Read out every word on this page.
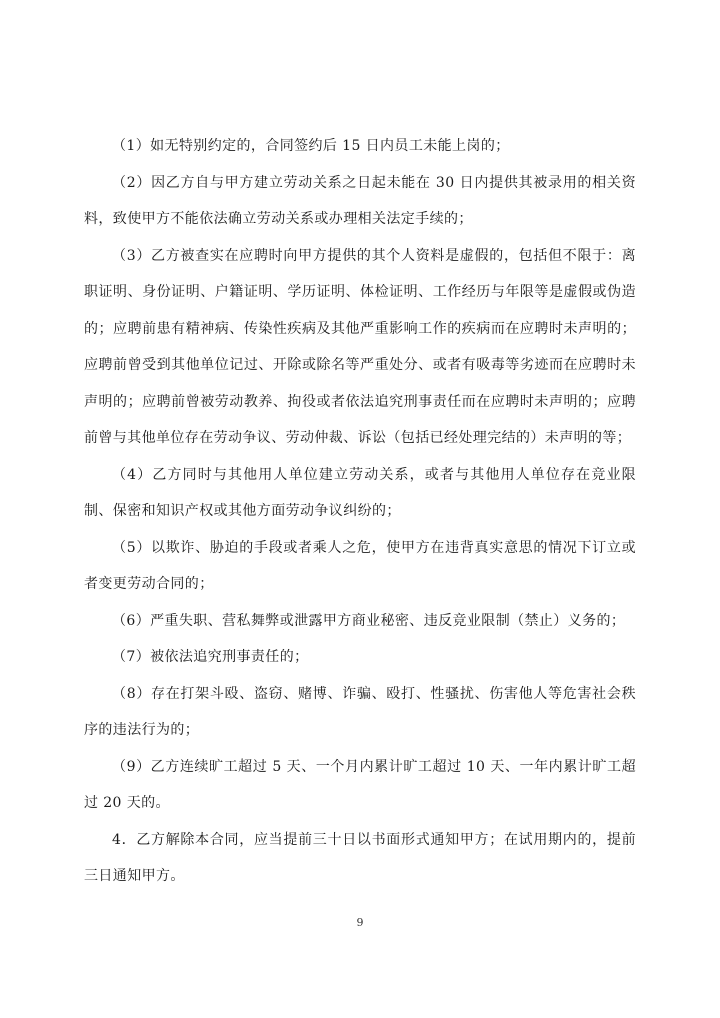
（1）如无特别约定的，合同签约后 15 日内员工未能上岗的；

（2）因乙方自与甲方建立劳动关系之日起未能在 30 日内提供其被录用的相关资料，致使甲方不能依法确立劳动关系或办理相关法定手续的；

（3）乙方被查实在应聘时向甲方提供的其个人资料是虚假的，包括但不限于：离职证明、身份证明、户籍证明、学历证明、体检证明、工作经历与年限等是虚假或伪造的；应聘前患有精神病、传染性疾病及其他严重影响工作的疾病而在应聘时未声明的；应聘前曾受到其他单位记过、开除或除名等严重处分、或者有吸毒等劣迹而在应聘时未声明的；应聘前曾被劳动教养、拘役或者依法追究刑事责任而在应聘时未声明的；应聘前曾与其他单位存在劳动争议、劳动仲裁、诉讼（包括已经处理完结的）未声明的等；

（4）乙方同时与其他用人单位建立劳动关系，或者与其他用人单位存在竞业限制、保密和知识产权或其他方面劳动争议纠纷的；

（5）以欺诈、胁迫的手段或者乘人之危，使甲方在违背真实意思的情况下订立或者变更劳动合同的；

（6）严重失职、营私舞弊或泄露甲方商业秘密、违反竞业限制（禁止）义务的；

（7）被依法追究刑事责任的；

（8）存在打架斗殴、盗窃、赌博、诈骗、殴打、性骚扰、伤害他人等危害社会秩序的违法行为的；

（9）乙方连续旷工超过 5 天、一个月内累计旷工超过 10 天、一年内累计旷工超过 20 天的。

4．乙方解除本合同，应当提前三十日以书面形式通知甲方；在试用期内的，提前三日通知甲方。

9
